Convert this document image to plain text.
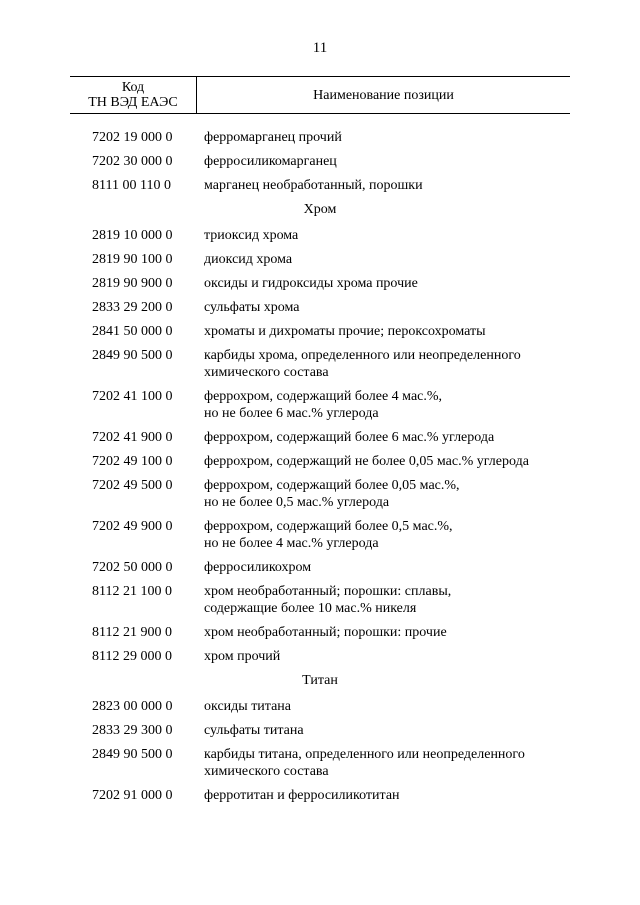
11
Код
ТН ВЭД ЕАЭС	Наименование позиции
7202 19 000 0 ферромарганец прочий
7202 30 000 0 ферросиликомарганец
8111 00 110 0 марганец необработанный, порошки
Хром
2819 10 000 0 триоксид хрома
2819 90 100 0 диоксид хрома
2819 90 900 0 оксиды и гидроксиды хрома прочие
2833 29 200 0 сульфаты хрома
2841 50 000 0 хроматы и дихроматы прочие; пероксохроматы
2849 90 500 0 карбиды хрома, определенного или неопределенного
химического состава
7202 41 100 0 феррохром, содержащий более 4 мас.%,
но не более 6 мас.% углерода
7202 41 900 0 феррохром, содержащий более 6 мас.% углерода
7202 49 100 0 феррохром, содержащий не более 0,05 мас.% углерода
7202 49 500 0 феррохром, содержащий более 0,05 мас.%,
но не более 0,5 мас.% углерода
7202 49 900 0 феррохром, содержащий более 0,5 мас.%,
но не более 4 мас.% углерода
7202 50 000 0 ферросиликохром
8112 21 100 0 хром необработанный; порошки: сплавы,
содержащие более 10 мас.% никеля
8112 21 900 0 хром необработанный; порошки: прочие
8112 29 000 0 хром прочий
Титан
2823 00 000 0 оксиды титана
2833 29 300 0 сульфаты титана
2849 90 500 0 карбиды титана, определенного или неопределенного
химического состава
7202 91 000 0 ферротитан и ферросиликотитан
